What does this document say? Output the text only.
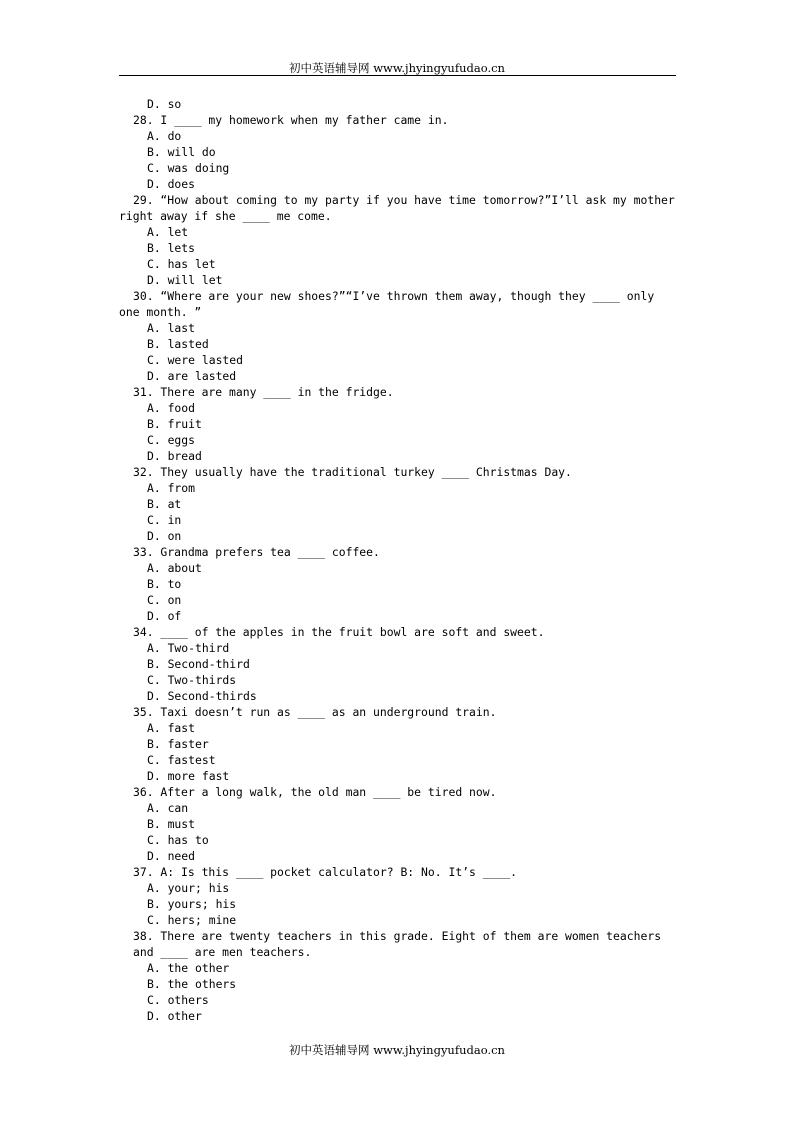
初中英语辅导网 www.jhyingyufudao.cn
D. so
28. I ____ my homework when my father came in.
A. do
B. will do
C. was doing
D. does
29. “How about coming to my party if you have time tomorrow?”I’ll ask my mother
right away if she ____ me come.
A. let
B. lets
C. has let
D. will let
30. “Where are your new shoes?”“I’ve thrown them away, though they ____ only
one month. ”
A. last
B. lasted
C. were lasted
D. are lasted
31. There are many ____ in the fridge.
A. food
B. fruit
C. eggs
D. bread
32. They usually have the traditional turkey ____ Christmas Day.
A. from
B. at
C. in
D. on
33. Grandma prefers tea ____ coffee.
A. about
B. to
C. on
D. of
34. ____ of the apples in the fruit bowl are soft and sweet.
A. Two-third
B. Second-third
C. Two-thirds
D. Second-thirds
35. Taxi doesn’t run as ____ as an underground train.
A. fast
B. faster
C. fastest
D. more fast
36. After a long walk, the old man ____ be tired now.
A. can
B. must
C. has to
D. need
37. A: Is this ____ pocket calculator? B: No. It’s ____.
A. your; his
B. yours; his
C. hers; mine
38. There are twenty teachers in this grade. Eight of them are women teachers
and ____ are men teachers.
A. the other
B. the others
C. others
D. other
初中英语辅导网 www.jhyingyufudao.cn
